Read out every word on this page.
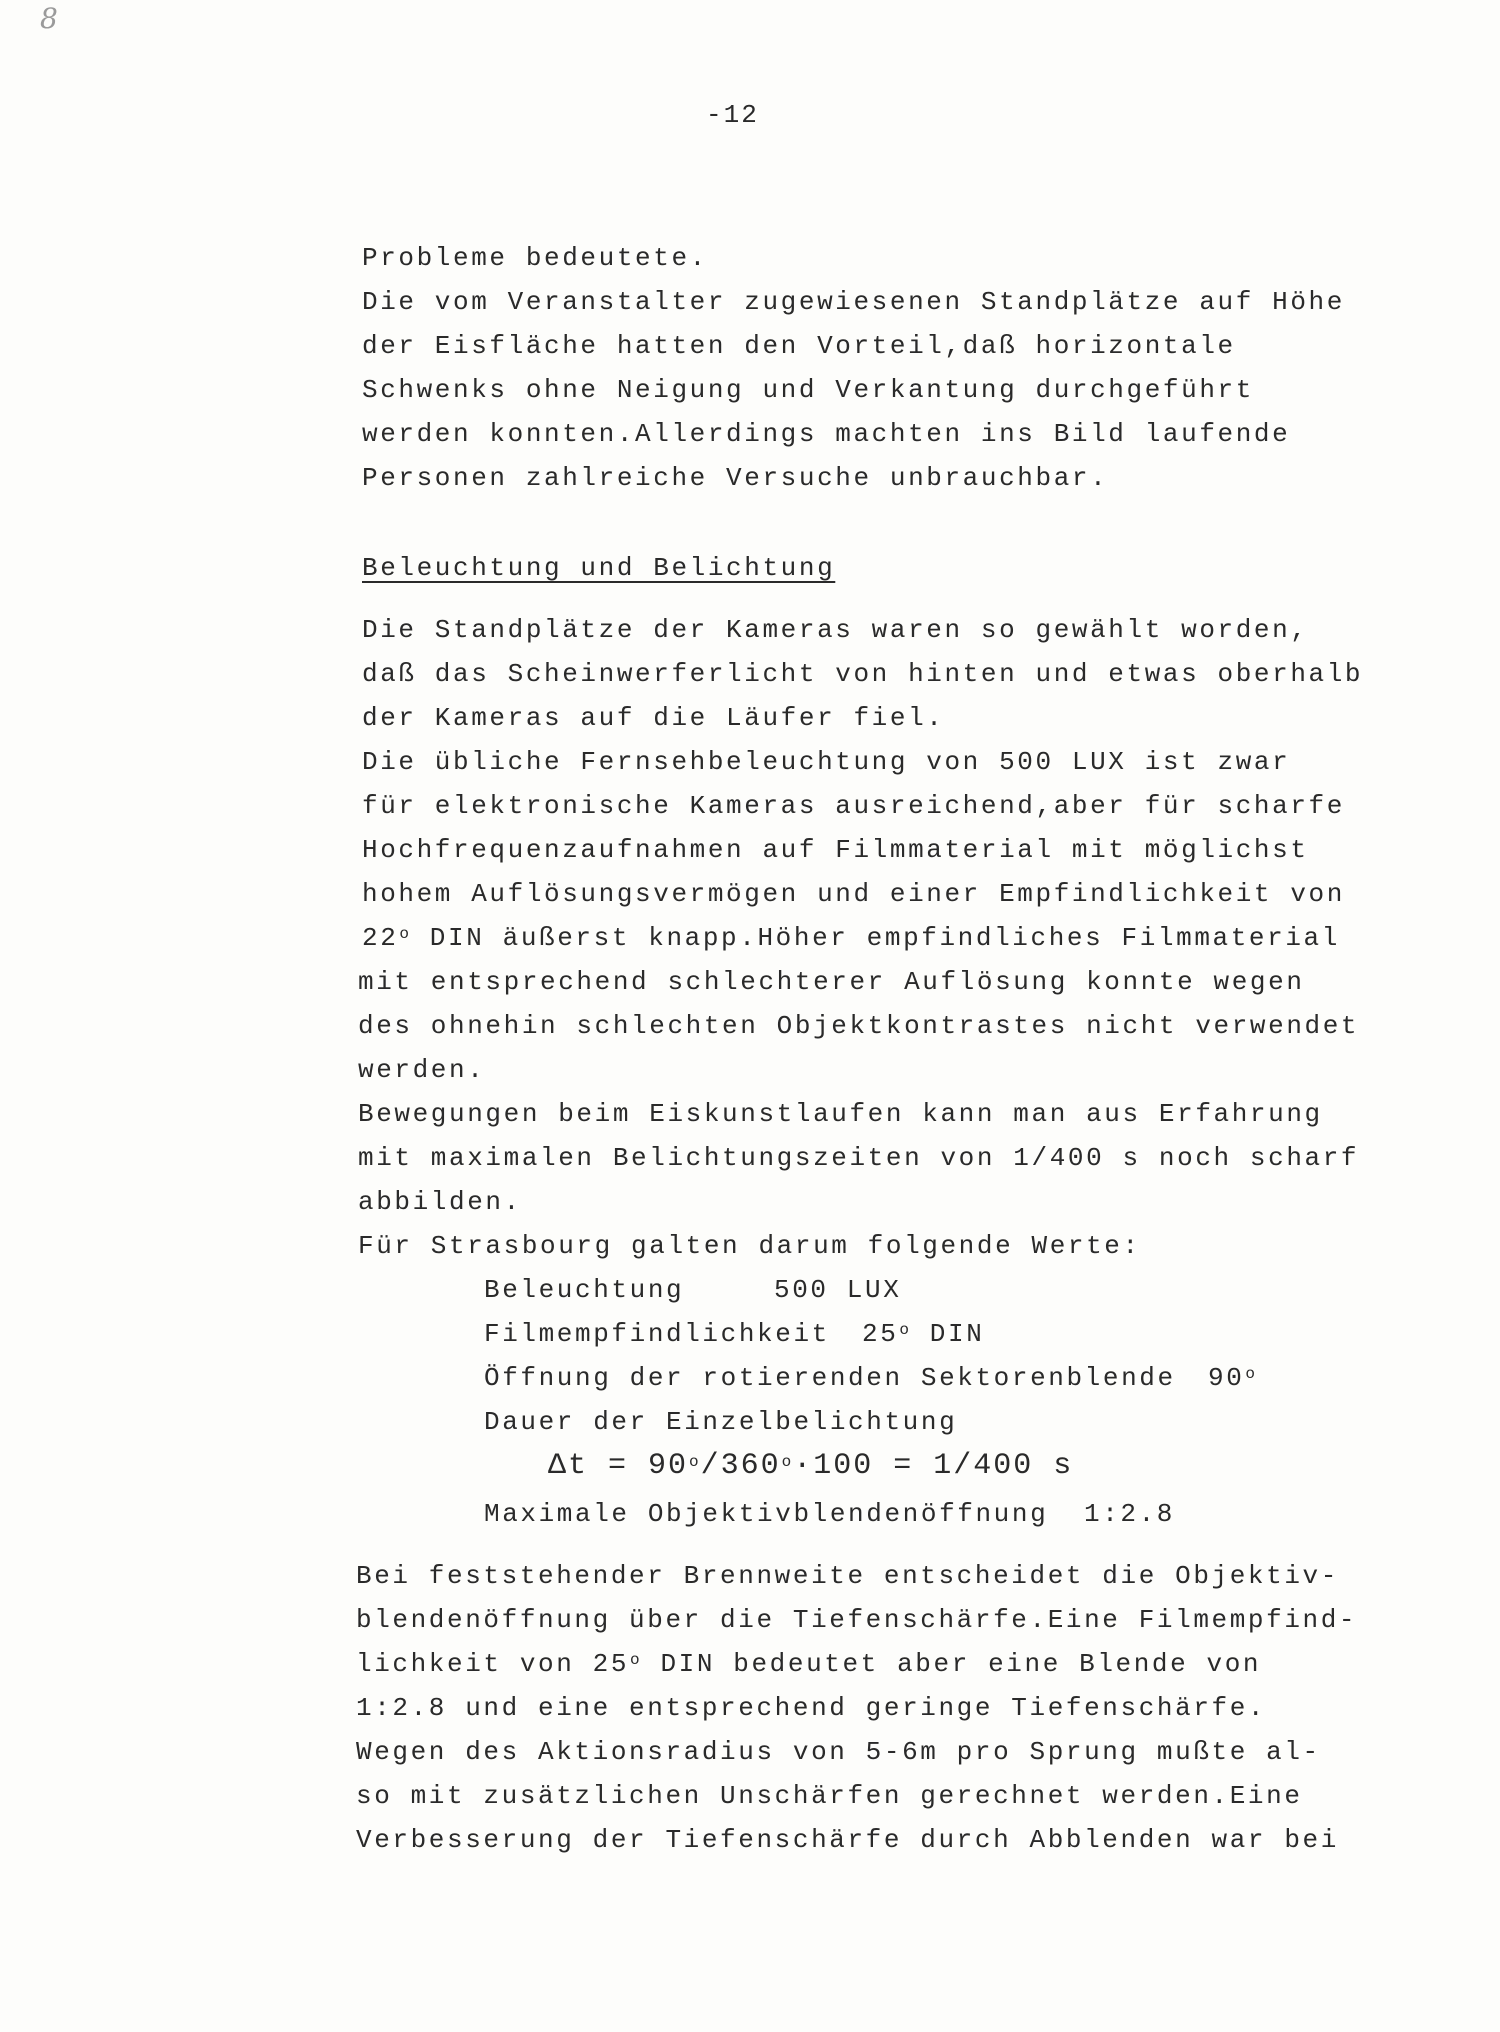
8
-12
Probleme bedeutete.
Die vom Veranstalter zugewiesenen Standplätze auf Höhe
der Eisfläche hatten den Vorteil,daß horizontale
Schwenks ohne Neigung und Verkantung durchgeführt
werden konnten.Allerdings machten ins Bild laufende
Personen zahlreiche Versuche unbrauchbar.
Beleuchtung und Belichtung
Die Standplätze der Kameras waren so gewählt worden,
daß das Scheinwerferlicht von hinten und etwas oberhalb
der Kameras auf die Läufer fiel.
Die übliche Fernsehbeleuchtung von 500 LUX ist zwar
für elektronische Kameras ausreichend,aber für scharfe
Hochfrequenzaufnahmen auf Filmmaterial mit möglichst
hohem Auflösungsvermögen und einer Empfindlichkeit von
22$^o$ DIN äußerst knapp.Höher empfindliches Filmmaterial
mit entsprechend schlechterer Auflösung konnte wegen
des ohnehin schlechten Objektkontrastes nicht verwendet
werden.
Bewegungen beim Eiskunstlaufen kann man aus Erfahrung
mit maximalen Belichtungszeiten von 1/400 s noch scharf
abbilden.
Für Strasbourg galten darum folgende Werte:
Beleuchtung	500 LUX
Filmempfindlichkeit 25$^o$ DIN
Öffnung der rotierenden Sektorenblende 90$^o$
Dauer der Einzelbelichtung
$\Delta t = 90^o/360^o\cdot 100 = 1/400$ s
Maximale Objektivblendenöffnung 1:2.8
Bei feststehender Brennweite entscheidet die Objektiv-
blendenöffnung über die Tiefenschärfe.Eine Filmempfind-
lichkeit von 25$^o$ DIN bedeutet aber eine Blende von
1:2.8 und eine entsprechend geringe Tiefenschärfe.
Wegen des Aktionsradius von 5-6m pro Sprung mußte al-
so mit zusätzlichen Unschärfen gerechnet werden.Eine
Verbesserung der Tiefenschärfe durch Abblenden war bei
